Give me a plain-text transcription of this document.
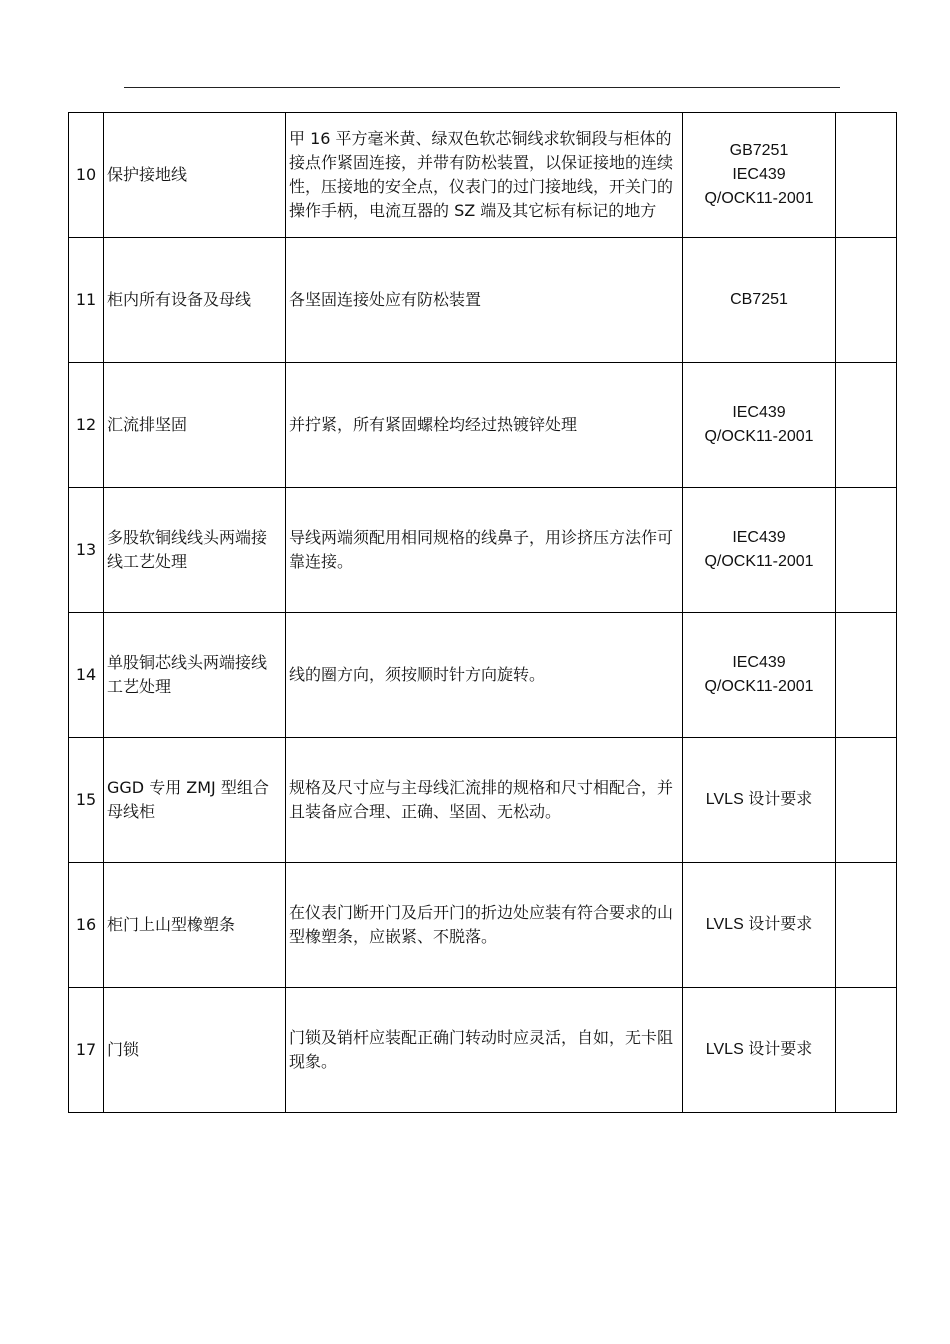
10	保护接地线	甲 16 平方毫米黄、绿双色软芯铜线求软铜段与柜体的接点作紧固连接，并带有防松装置，以保证接地的连续性，压接地的安全点，仪表门的过门接地线，开关门的操作手柄，电流互器的 SZ 端及其它标有标记的地方	GB7251
IEC439
Q/OCK11-2001	

11	柜内所有设备及母线	各坚固连接处应有防松装置	CB7251	

12	汇流排坚固	并拧紧，所有紧固螺栓均经过热镀锌处理	IEC439
Q/OCK11-2001	

13	多股软铜线线头两端接线工艺处理	导线两端须配用相同规格的线鼻子，用诊挤压方法作可靠连接。	IEC439
Q/OCK11-2001	

14	单股铜芯线头两端接线工艺处理	线的圈方向，须按顺时针方向旋转。	IEC439
Q/OCK11-2001	

15	GGD 专用 ZMJ 型组合母线柜	规格及尺寸应与主母线汇流排的规格和尺寸相配合，并且装备应合理、正确、坚固、无松动。	LVLS 设计要求	

16	柜门上山型橡塑条	在仪表门断开门及后开门的折边处应装有符合要求的山型橡塑条，应嵌紧、不脱落。	LVLS 设计要求	

17	门锁	门锁及销杆应装配正确门转动时应灵活，自如，无卡阻现象。	LVLS 设计要求	
